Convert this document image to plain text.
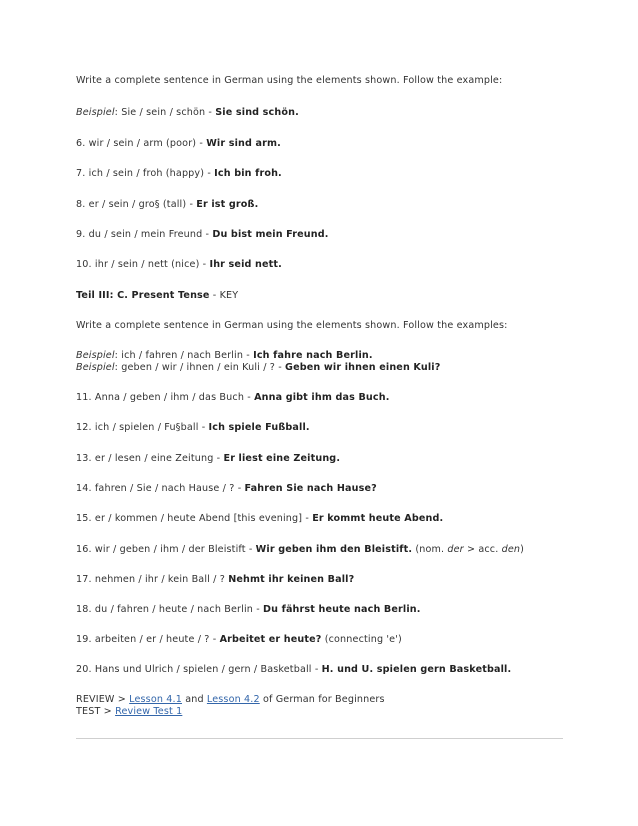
Write a complete sentence in German using the elements shown. Follow the example:
Beispiel: Sie / sein / schön - Sie sind schön.
6. wir / sein / arm (poor) - Wir sind arm.
7. ich / sein / froh (happy) - Ich bin froh.
8. er / sein / gro§ (tall) - Er ist groß.
9. du / sein / mein Freund - Du bist mein Freund.
10. ihr / sein / nett (nice) - Ihr seid nett.
Teil III: C. Present Tense - KEY
Write a complete sentence in German using the elements shown. Follow the examples:
Beispiel: ich / fahren / nach Berlin - Ich fahre nach Berlin.
Beispiel: geben / wir / ihnen / ein Kuli / ? - Geben wir ihnen einen Kuli?
11. Anna / geben / ihm / das Buch - Anna gibt ihm das Buch.
12. ich / spielen / Fu§ball - Ich spiele Fußball.
13. er / lesen / eine Zeitung - Er liest eine Zeitung.
14. fahren / Sie / nach Hause / ? - Fahren Sie nach Hause?
15. er / kommen / heute Abend [this evening] - Er kommt heute Abend.
16. wir / geben / ihm / der Bleistift - Wir geben ihm den Bleistift. (nom. der > acc. den)
17. nehmen / ihr / kein Ball / ? Nehmt ihr keinen Ball?
18. du / fahren / heute / nach Berlin - Du fährst heute nach Berlin.
19. arbeiten / er / heute / ? - Arbeitet er heute? (connecting 'e')
20. Hans und Ulrich / spielen / gern / Basketball - H. und U. spielen gern Basketball.
REVIEW > Lesson 4.1 and Lesson 4.2 of German for Beginners
TEST > Review Test 1
